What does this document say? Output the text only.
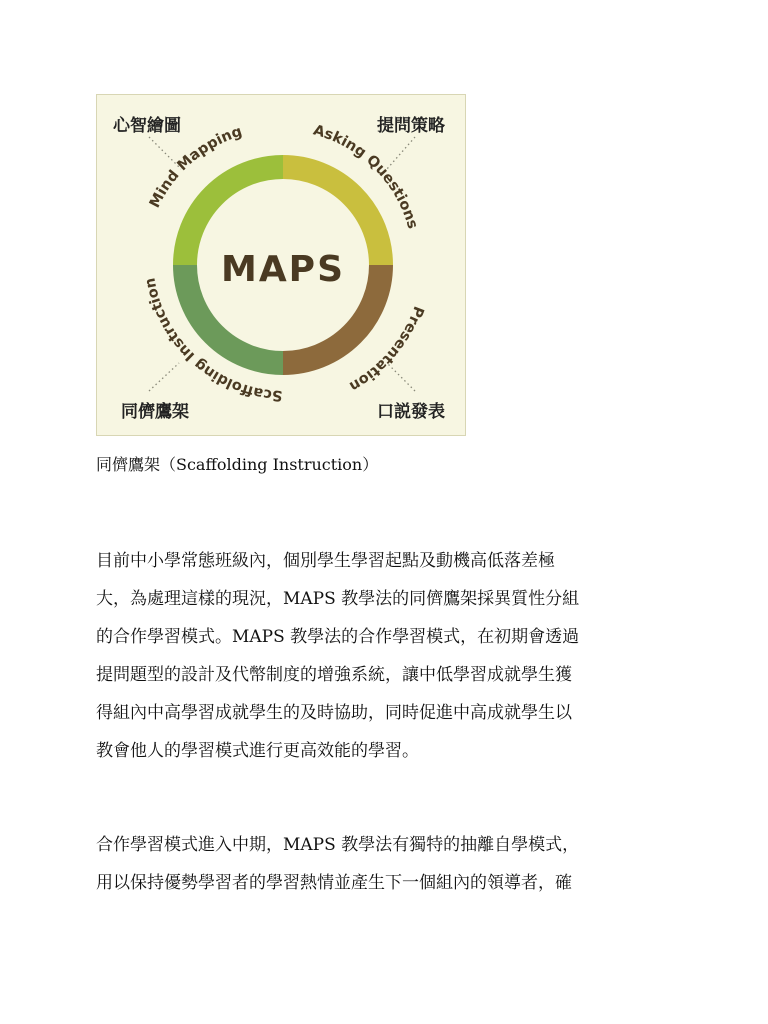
MAPS
Mind Mapping	Asking Questions
Presentation
Scaffolding Instruction
心智繪圖	提問策略
同儕鷹架	口説發表
同儕鷹架（Scaffolding Instruction）
目前中小學常態班級內，個別學生學習起點及動機高低落差極
大，為處理這樣的現況，MAPS 教學法的同儕鷹架採異質性分組
的合作學習模式。MAPS 教學法的合作學習模式，在初期會透過
提問題型的設計及代幣制度的增強系統，讓中低學習成就學生獲
得組內中高學習成就學生的及時協助，同時促進中高成就學生以
教會他人的學習模式進行更高效能的學習。
合作學習模式進入中期，MAPS 教學法有獨特的抽離自學模式，
用以保持優勢學習者的學習熱情並產生下一個組內的領導者，確
